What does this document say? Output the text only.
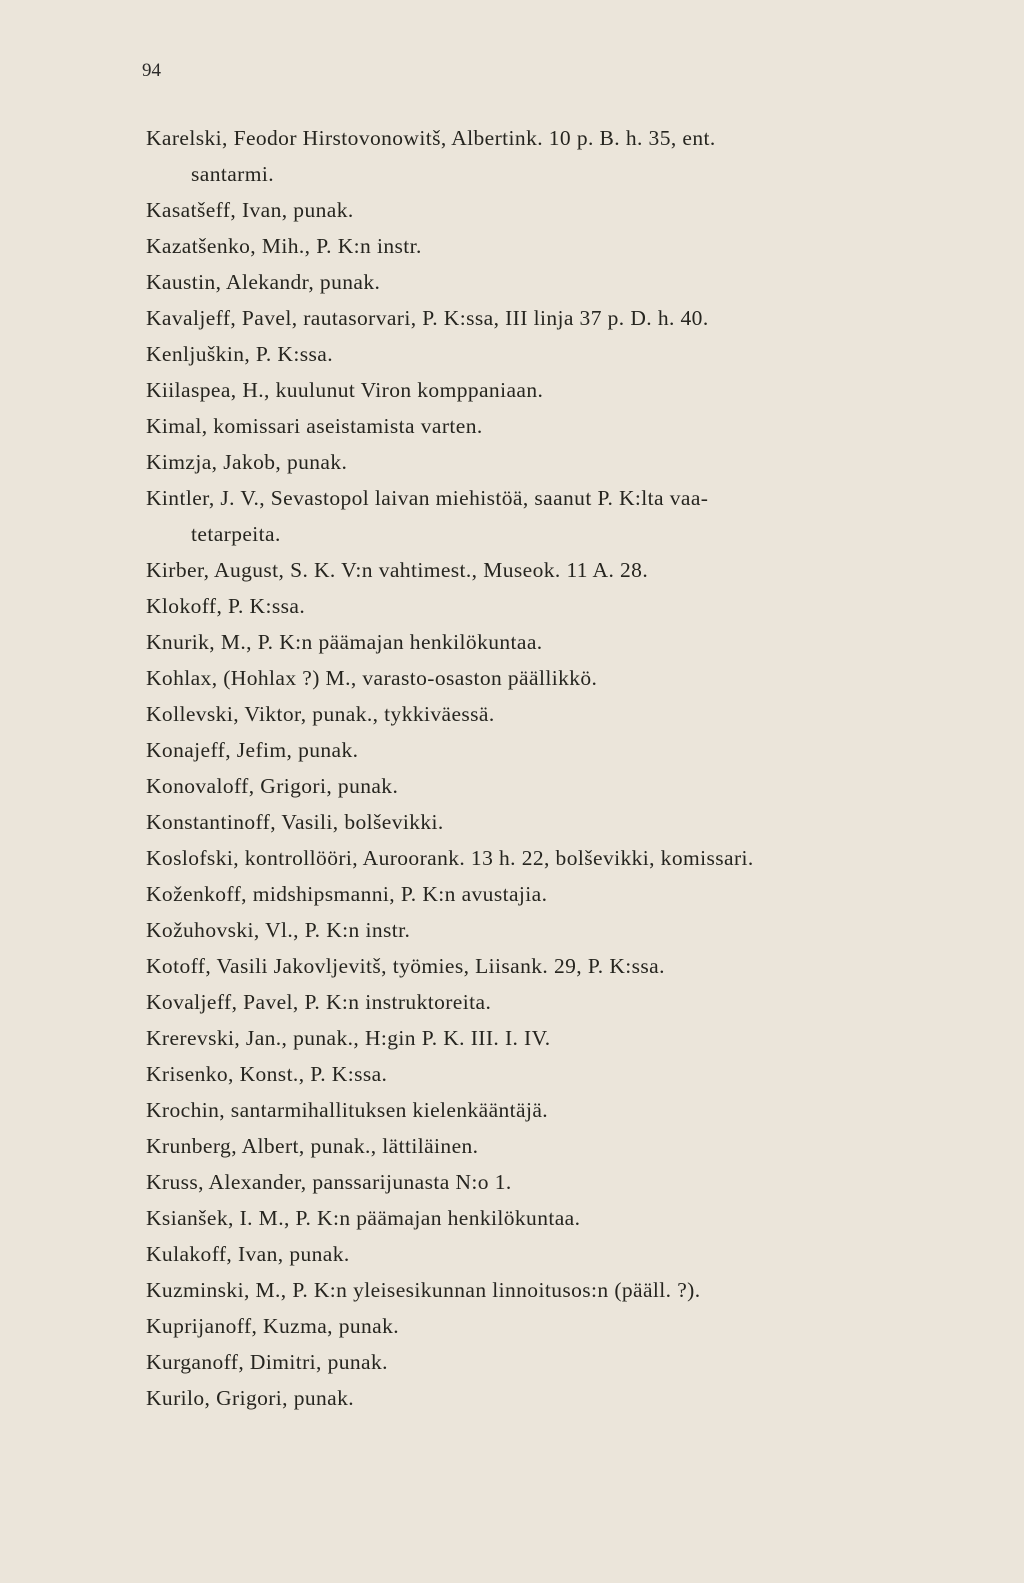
94
Karelski, Feodor Hirstovonowitš, Albertink. 10 p. B. h. 35, ent.
santarmi.
Kasatšeff, Ivan, punak.
Kazatšenko, Mih., P. K:n instr.
Kaustin, Alekandr, punak.
Kavaljeff, Pavel, rautasorvari, P. K:ssa, III linja 37 p. D. h. 40.
Kenljuškin, P. K:ssa.
Kiilaspea, H., kuulunut Viron komppaniaan.
Kimal, komissari aseistamista varten.
Kimzja, Jakob, punak.
Kintler, J. V., Sevastopol laivan miehistöä, saanut P. K:lta vaa-
tetarpeita.
Kirber, August, S. K. V:n vahtimest., Museok. 11 A. 28.
Klokoff, P. K:ssa.
Knurik, M., P. K:n päämajan henkilökuntaa.
Kohlax, (Hohlax ?) M., varasto-osaston päällikkö.
Kollevski, Viktor, punak., tykkiväessä.
Konajeff, Jefim, punak.
Konovaloff, Grigori, punak.
Konstantinoff, Vasili, bolševikki.
Koslofski, kontrollööri, Auroorank. 13 h. 22, bolševikki, komissari.
Koženkoff, midshipsmanni, P. K:n avustajia.
Kožuhovski, Vl., P. K:n instr.
Kotoff, Vasili Jakovljevitš, työmies, Liisank. 29, P. K:ssa.
Kovaljeff, Pavel, P. K:n instruktoreita.
Krerevski, Jan., punak., H:gin P. K. III. I. IV.
Krisenko, Konst., P. K:ssa.
Krochin, santarmihallituksen kielenkääntäjä.
Krunberg, Albert, punak., lättiläinen.
Kruss, Alexander, panssarijunasta N:o 1.
Ksianšek, I. M., P. K:n päämajan henkilökuntaa.
Kulakoff, Ivan, punak.
Kuzminski, M., P. K:n yleisesikunnan linnoitusos:n (pääll. ?).
Kuprijanoff, Kuzma, punak.
Kurganoff, Dimitri, punak.
Kurilo, Grigori, punak.
